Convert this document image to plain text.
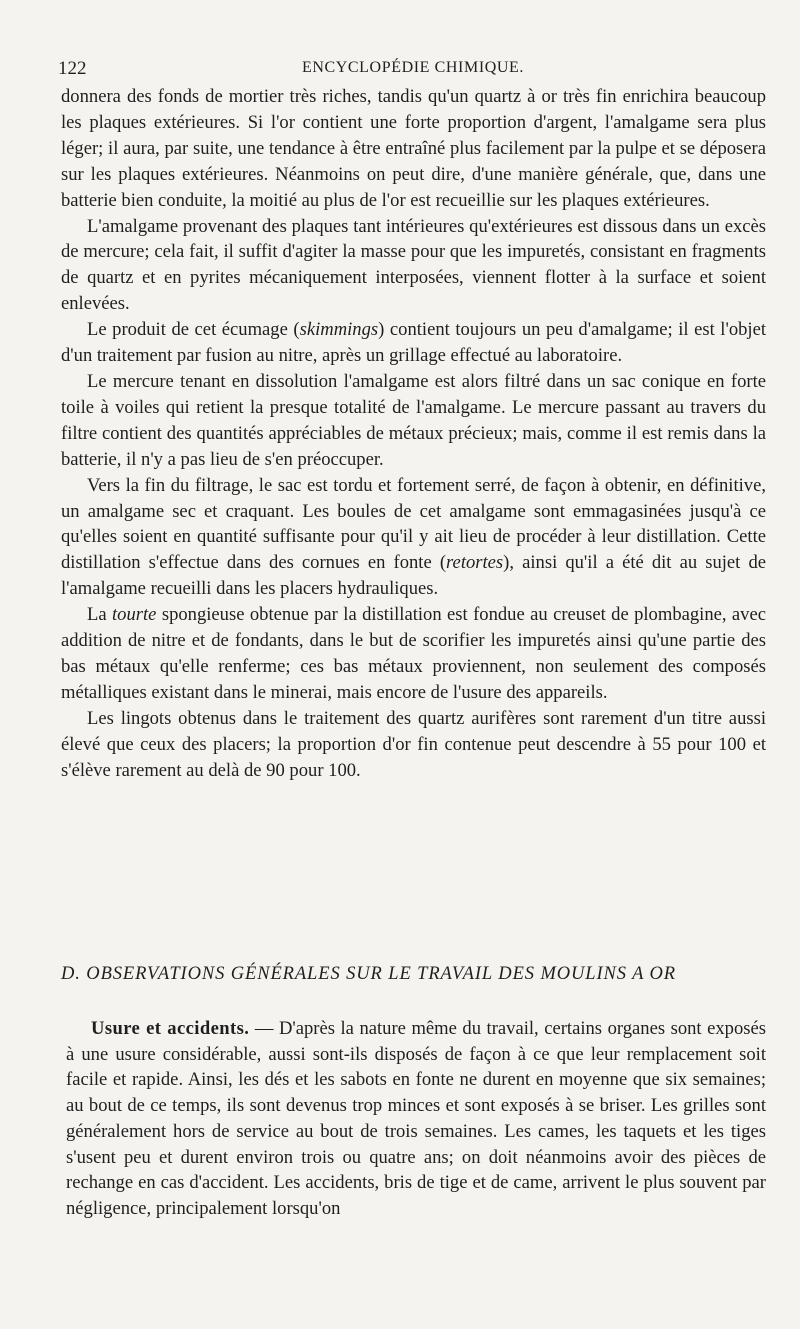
122	ENCYCLOPÉDIE CHIMIQUE.

donnera des fonds de mortier très riches, tandis qu'un quartz à or très fin enrichira beaucoup les plaques extérieures. Si l'or contient une forte proportion d'argent, l'amalgame sera plus léger; il aura, par suite, une tendance à être entraîné plus facilement par la pulpe et se déposera sur les plaques extérieures. Néanmoins on peut dire, d'une manière générale, que, dans une batterie bien conduite, la moitié au plus de l'or est recueillie sur les plaques extérieures.

L'amalgame provenant des plaques tant intérieures qu'extérieures est dissous dans un excès de mercure; cela fait, il suffit d'agiter la masse pour que les impuretés, consistant en fragments de quartz et en pyrites mécaniquement interposées, viennent flotter à la surface et soient enlevées.

Le produit de cet écumage (skimmings) contient toujours un peu d'amalgame; il est l'objet d'un traitement par fusion au nitre, après un grillage effectué au laboratoire.

Le mercure tenant en dissolution l'amalgame est alors filtré dans un sac conique en forte toile à voiles qui retient la presque totalité de l'amalgame. Le mercure passant au travers du filtre contient des quantités appréciables de métaux précieux; mais, comme il est remis dans la batterie, il n'y a pas lieu de s'en préoccuper.

Vers la fin du filtrage, le sac est tordu et fortement serré, de façon à obtenir, en définitive, un amalgame sec et craquant. Les boules de cet amalgame sont emmagasinées jusqu'à ce qu'elles soient en quantité suffisante pour qu'il y ait lieu de procéder à leur distillation. Cette distillation s'effectue dans des cornues en fonte (retortes), ainsi qu'il a été dit au sujet de l'amalgame recueilli dans les placers hydrauliques.

La tourte spongieuse obtenue par la distillation est fondue au creuset de plombagine, avec addition de nitre et de fondants, dans le but de scorifier les impuretés ainsi qu'une partie des bas métaux qu'elle renferme; ces bas métaux proviennent, non seulement des composés métalliques existant dans le minerai, mais encore de l'usure des appareils.

Les lingots obtenus dans le traitement des quartz aurifères sont rarement d'un titre aussi élevé que ceux des placers; la proportion d'or fin contenue peut descendre à 55 pour 100 et s'élève rarement au delà de 90 pour 100.

D. OBSERVATIONS GÉNÉRALES SUR LE TRAVAIL DES MOULINS A OR

Usure et accidents. — D'après la nature même du travail, certains organes sont exposés à une usure considérable, aussi sont-ils disposés de façon à ce que leur remplacement soit facile et rapide. Ainsi, les dés et les sabots en fonte ne durent en moyenne que six semaines; au bout de ce temps, ils sont devenus trop minces et sont exposés à se briser. Les grilles sont généralement hors de service au bout de trois semaines. Les cames, les taquets et les tiges s'usent peu et durent environ trois ou quatre ans; on doit néanmoins avoir des pièces de rechange en cas d'accident. Les accidents, bris de tige et de came, arrivent le plus souvent par négligence, principalement lorsqu'on
